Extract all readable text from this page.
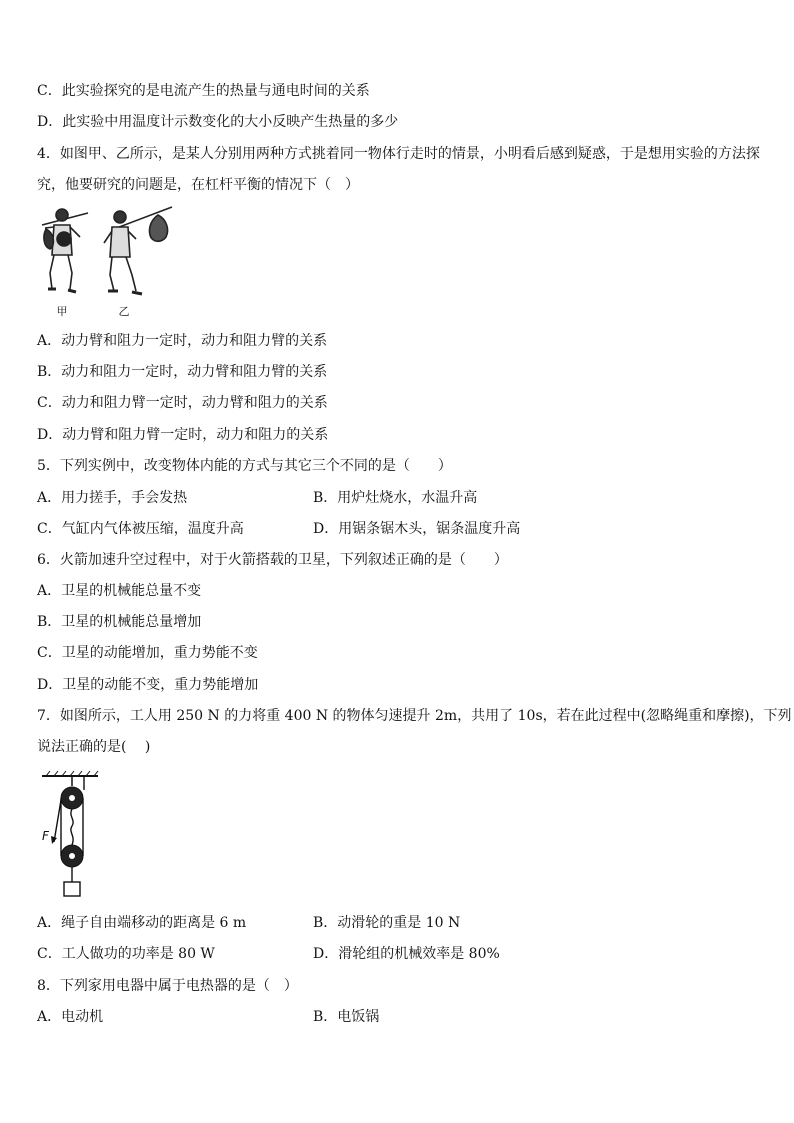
C．此实验探究的是电流产生的热量与通电时间的关系
D．此实验中用温度计示数变化的大小反映产生热量的多少
4．如图甲、乙所示，是某人分别用两种方式挑着同一物体行走时的情景，小明看后感到疑惑，于是想用实验的方法探
究，他要研究的问题是，在杠杆平衡的情况下（　）
甲	乙
A．动力臂和阻力一定时，动力和阻力臂的关系
B．动力和阻力一定时，动力臂和阻力臂的关系
C．动力和阻力臂一定时，动力臂和阻力的关系
D．动力臂和阻力臂一定时，动力和阻力的关系
5．下列实例中，改变物体内能的方式与其它三个不同的是（　　）
A．用力搓手，手会发热	B．用炉灶烧水，水温升高
C．气缸内气体被压缩，温度升高	D．用锯条锯木头，锯条温度升高
6．火箭加速升空过程中，对于火箭搭载的卫星，下列叙述正确的是（　　）
A．卫星的机械能总量不变
B．卫星的机械能总量增加
C．卫星的动能增加，重力势能不变
D．卫星的动能不变，重力势能增加
7．如图所示，工人用 250 N 的力将重 400 N 的物体匀速提升 2m，共用了 10s，若在此过程中(忽略绳重和摩擦)，下列
说法正确的是(　 )
F
A．绳子自由端移动的距离是 6 m	B．动滑轮的重是 10 N
C．工人做功的功率是 80 W	D．滑轮组的机械效率是 80%
8．下列家用电器中属于电热器的是（　）
A．电动机	B．电饭锅
